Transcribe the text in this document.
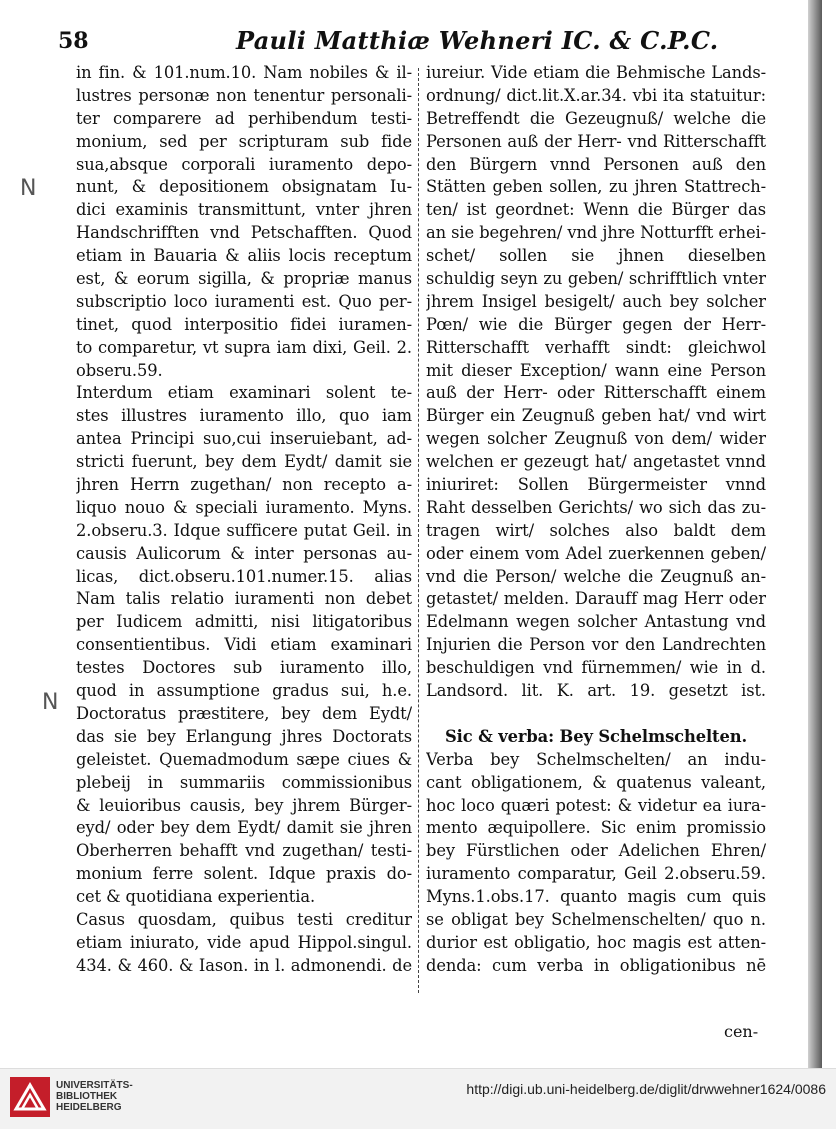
58	Pauli Matthiæ Wehneri IC. & C.P.C.
N
N
in fin. & 101.num.10. Nam nobiles & il-
lustres personæ non tenentur personali-
ter comparere ad perhibendum testi-
monium, sed per scripturam sub fide
sua,absque corporali iuramento depo-
nunt, & depositionem obsignatam Iu-
dici examinis transmittunt, vnter jhren
Handschrifften vnd Petschafften. Quod
etiam in Bauaria & aliis locis receptum
est, & eorum sigilla, & propriæ manus
subscriptio loco iuramenti est. Quo per-
tinet, quod interpositio fidei iuramen-
to comparetur, vt supra iam dixi, Geil. 2.
obseru.59.
Interdum etiam examinari solent te-
stes illustres iuramento illo, quo iam
antea Principi suo,cui inseruiebant, ad-
stricti fuerunt, bey dem Eydt/ damit sie
jhren Herrn zugethan/ non recepto a-
liquo nouo & speciali iuramento. Myns.
2.obseru.3. Idque sufficere putat Geil. in
causis Aulicorum & inter personas au-
licas, dict.obseru.101.numer.15. alias
Nam talis relatio iuramenti non debet
per Iudicem admitti, nisi litigatoribus
consentientibus. Vidi etiam examinari
testes Doctores sub iuramento illo,
quod in assumptione gradus sui, h.e.
Doctoratus præstitere, bey dem Eydt/
das sie bey Erlangung jhres Doctorats
geleistet. Quemadmodum sæpe ciues &
plebeij in summariis commissionibus
& leuioribus causis, bey jhrem Bürger-
eyd/ oder bey dem Eydt/ damit sie jhren
Oberherren behafft vnd zugethan/ testi-
monium ferre solent. Idque praxis do-
cet & quotidiana experientia.
Casus quosdam, quibus testi creditur
etiam iniurato, vide apud Hippol.singul.
434. & 460. & Iason. in l. admonendi. de
iureiur. Vide etiam die Behmische Lands-
ordnung/ dict.lit.X.ar.34. vbi ita statuitur:
Betreffendt die Gezeugnuß/ welche die
Personen auß der Herr- vnd Ritterschafft
den Bürgern vnnd Personen auß den
Stätten geben sollen, zu jhren Stattrech-
ten/ ist geordnet: Wenn die Bürger das
an sie begehren/ vnd jhre Notturfft erhei-
schet/ sollen sie jhnen dieselben
schuldig seyn zu geben/ schrifftlich vnter
jhrem Insigel besigelt/ auch bey solcher
Pœn/ wie die Bürger gegen der Herr-
Ritterschafft verhafft sindt: gleichwol
mit dieser Exception/ wann eine Person
auß der Herr- oder Ritterschafft einem
Bürger ein Zeugnuß geben hat/ vnd wirt
wegen solcher Zeugnuß von dem/ wider
welchen er gezeugt hat/ angetastet vnnd
iniuriret: Sollen Bürgermeister vnnd
Raht desselben Gerichts/ wo sich das zu-
tragen wirt/ solches also baldt dem
oder einem vom Adel zuerkennen geben/
vnd die Person/ welche die Zeugnuß an-
getastet/ melden. Darauff mag Herr oder
Edelmann wegen solcher Antastung vnd
Injurien die Person vor den Landrechten
beschuldigen vnd fürnemmen/ wie in d.
Landsord. lit. K. art. 19. gesetzt ist.
Sic & verba: Bey Schelmschelten.
Verba bey Schelmschelten/ an indu-
cant obligationem, & quatenus valeant,
hoc loco quæri potest: & videtur ea iura-
mento æquipollere. Sic enim promissio
bey Fürstlichen oder Adelichen Ehren/
iuramento comparatur, Geil 2.obseru.59.
Myns.1.obs.17. quanto magis cum quis
se obligat bey Schelmenschelten/ quo n.
durior est obligatio, hoc magis est atten-
denda: cum verba in obligationibus nē
cen-
UNIVERSITÄTS-
BIBLIOTHEK
HEIDELBERG
http://digi.ub.uni-heidelberg.de/diglit/drwwehner1624/0086
